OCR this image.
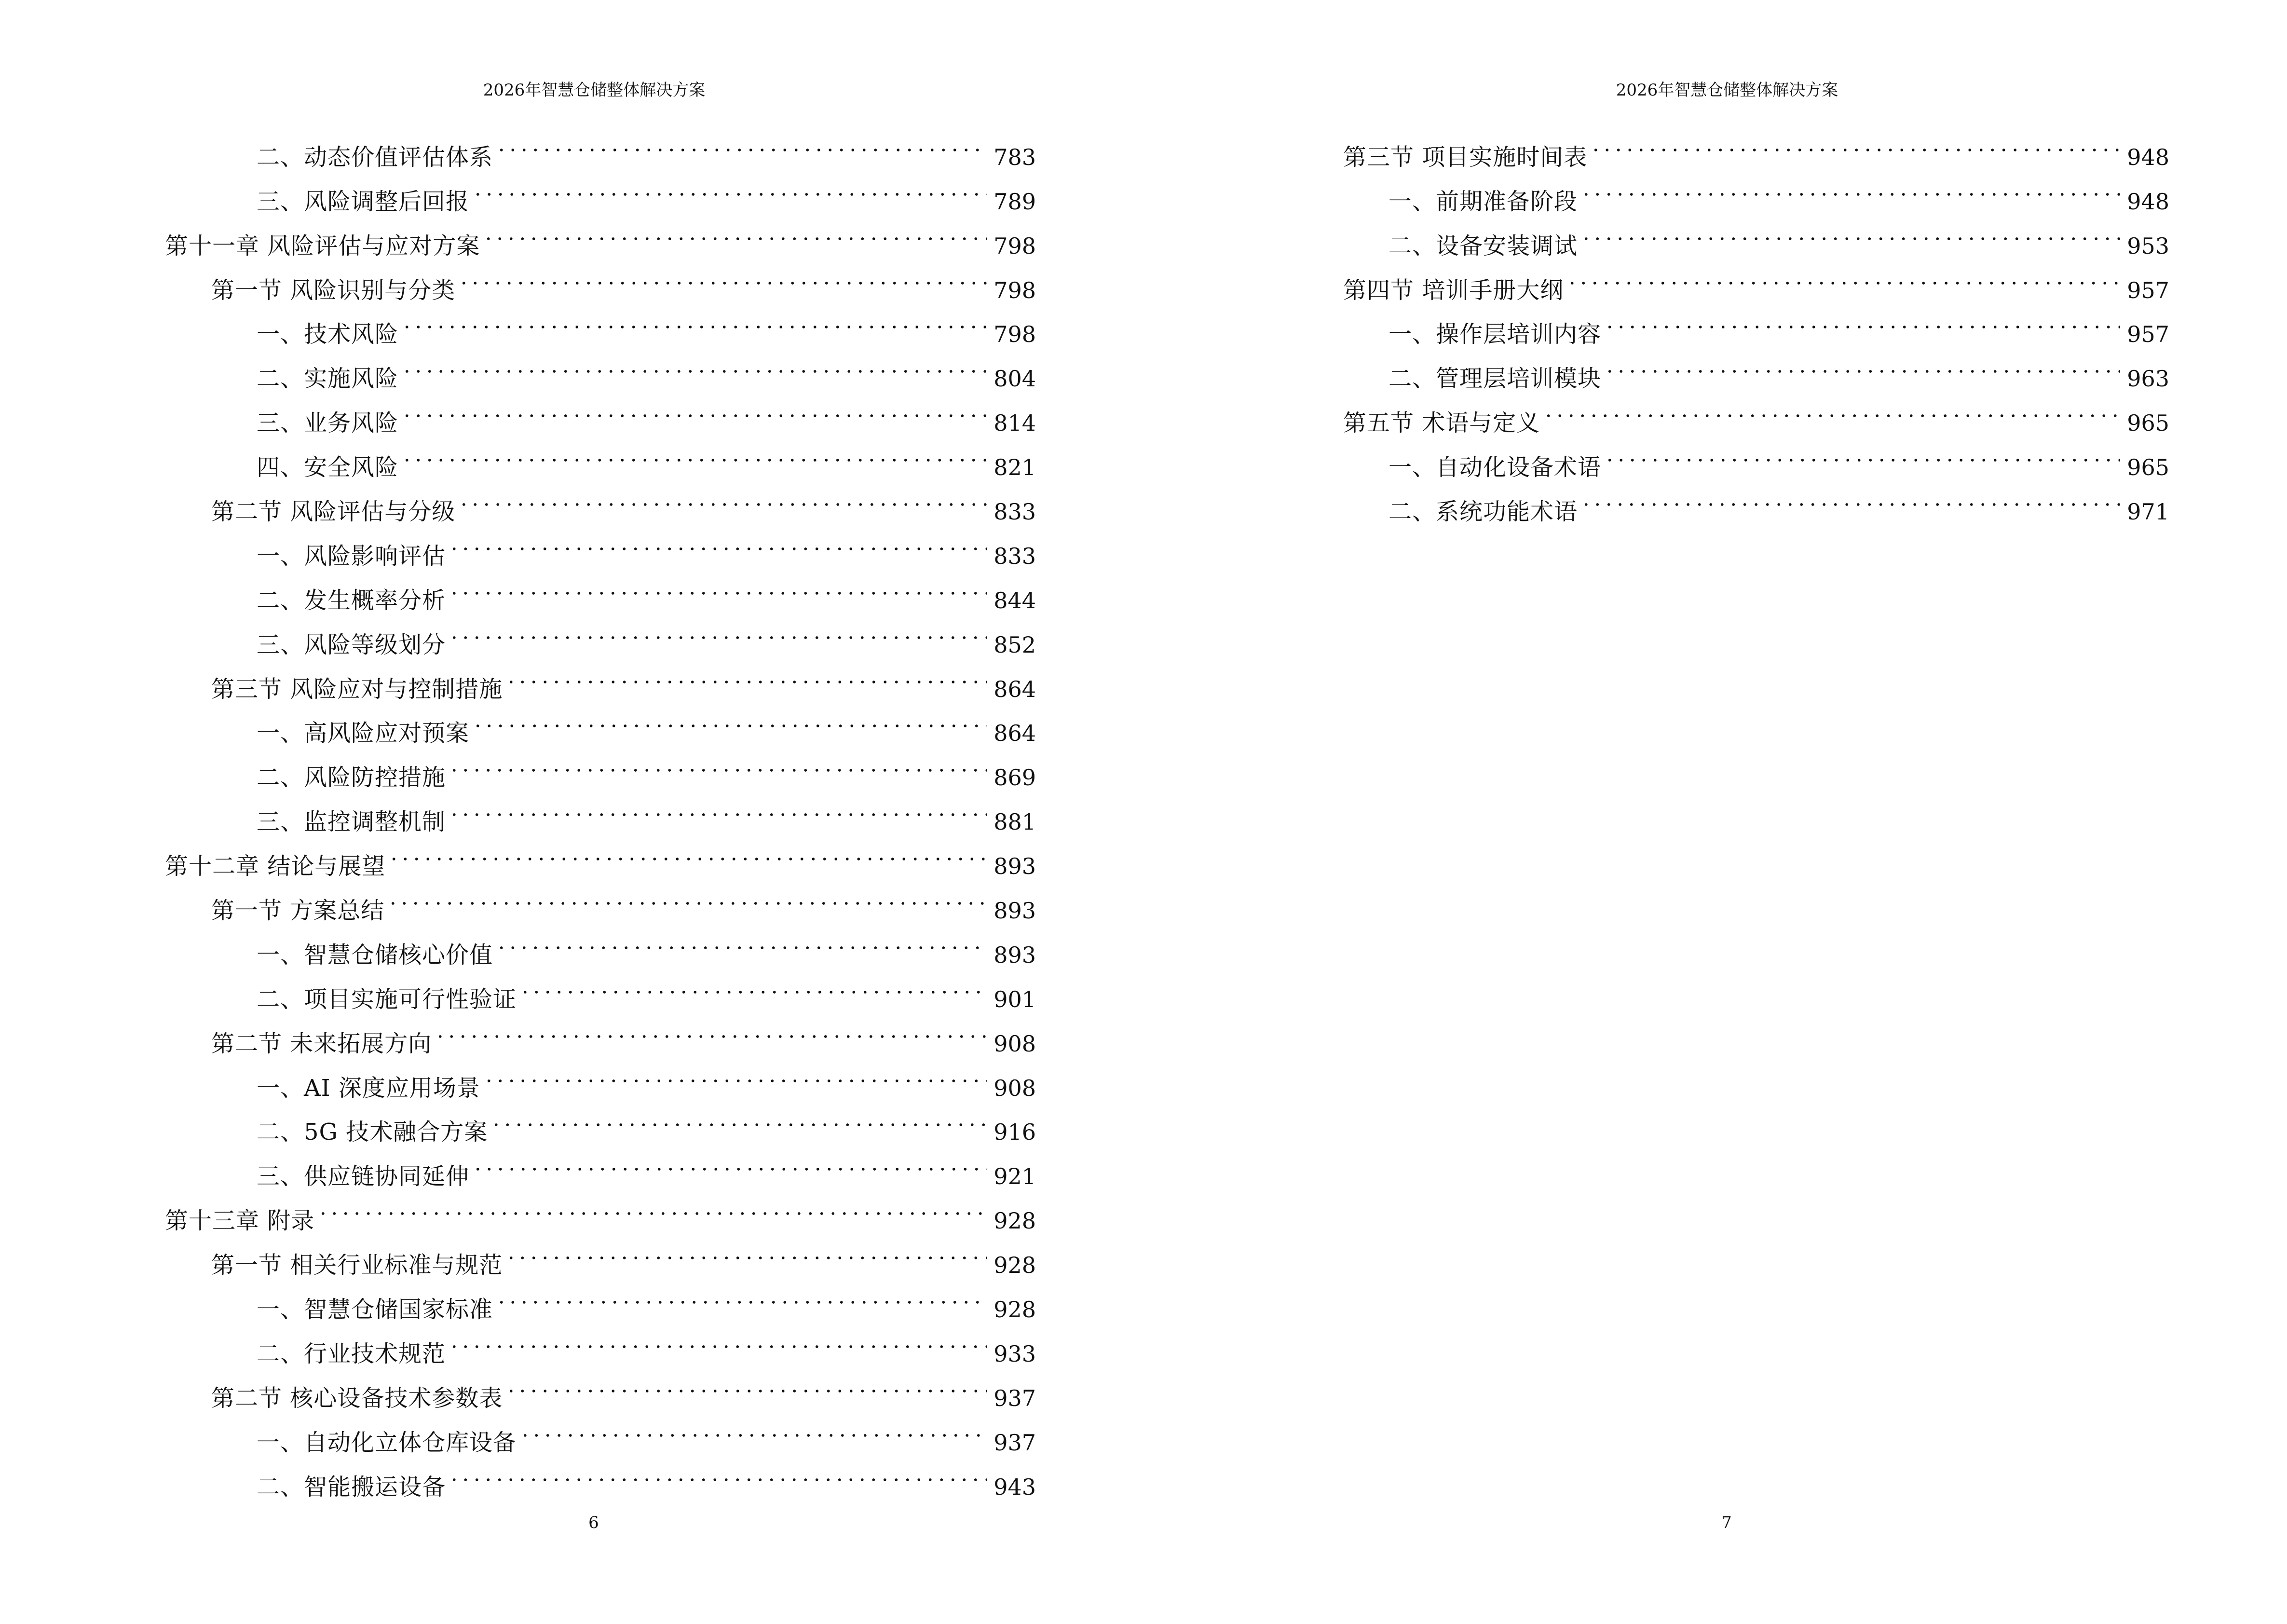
2026年智慧仓储整体解决方案
二、动态价值评估体系	783
三、风险调整后回报	789
第十一章 风险评估与应对方案	798
第一节 风险识别与分类	798
一、技术风险	798
二、实施风险	804
三、业务风险	814
四、安全风险	821
第二节 风险评估与分级	833
一、风险影响评估	833
二、发生概率分析	844
三、风险等级划分	852
第三节 风险应对与控制措施	864
一、高风险应对预案	864
二、风险防控措施	869
三、监控调整机制	881
第十二章 结论与展望	893
第一节 方案总结	893
一、智慧仓储核心价值	893
二、项目实施可行性验证	901
第二节 未来拓展方向	908
一、AI 深度应用场景	908
二、5G 技术融合方案	916
三、供应链协同延伸	921
第十三章 附录	928
第一节 相关行业标准与规范	928
一、智慧仓储国家标准	928
二、行业技术规范	933
第二节 核心设备技术参数表	937
一、自动化立体仓库设备	937
二、智能搬运设备	943
6
2026年智慧仓储整体解决方案
第三节 项目实施时间表	948
一、前期准备阶段	948
二、设备安装调试	953
第四节 培训手册大纲	957
一、操作层培训内容	957
二、管理层培训模块	963
第五节 术语与定义	965
一、自动化设备术语	965
二、系统功能术语	971
7
